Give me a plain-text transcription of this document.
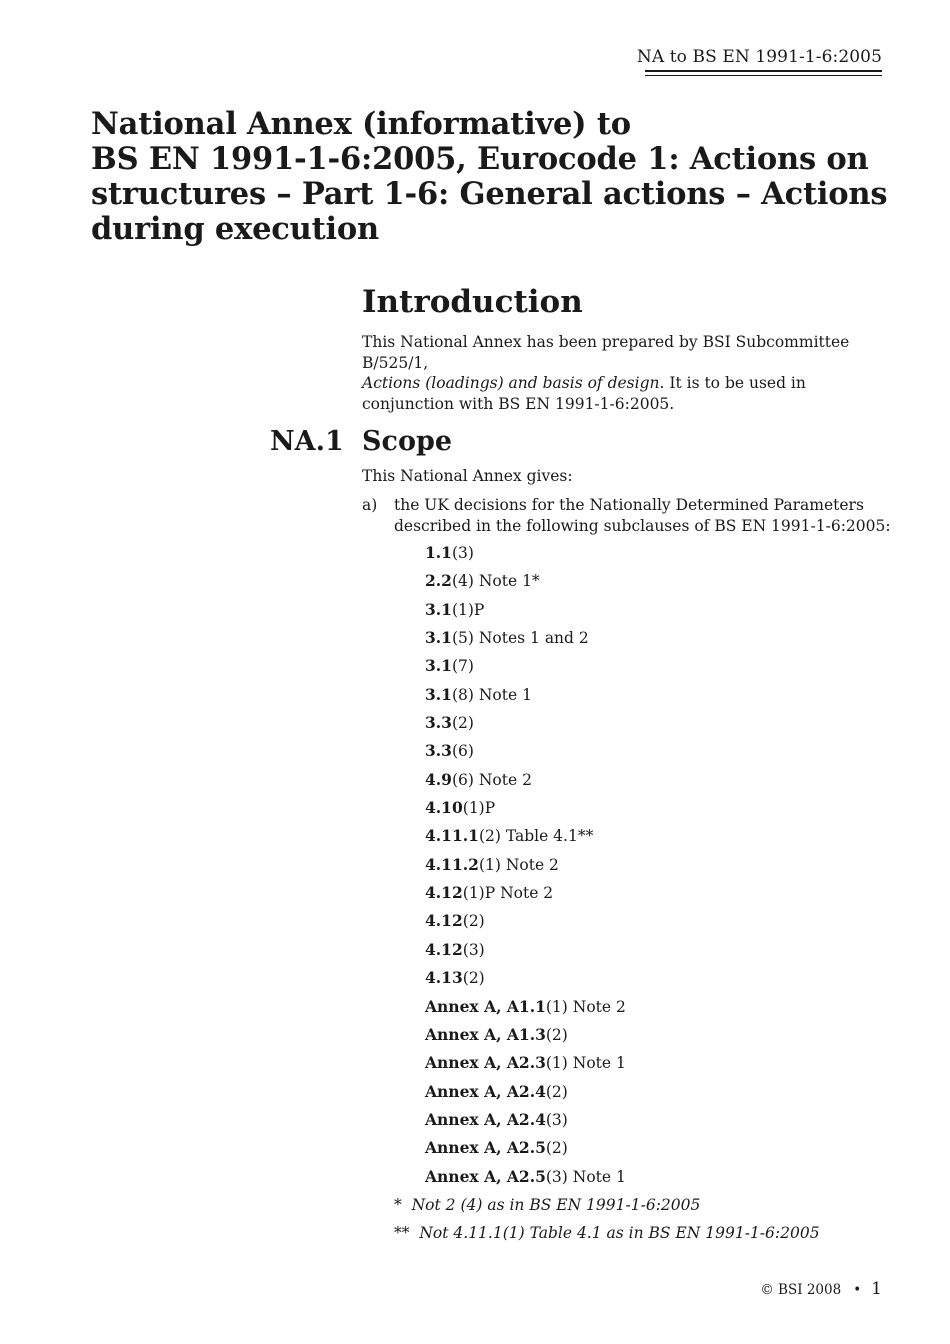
NA to BS EN 1991-1-6:2005
National Annex (informative) to
BS EN 1991-1-6:2005, Eurocode 1: Actions on
structures – Part 1-6: General actions – Actions
during execution
Introduction

This National Annex has been prepared by BSI Subcommittee B/525/1,
Actions (loadings) and basis of design. It is to be used in conjunction with BS EN 1991-1-6:2005.

NA.1 Scope

This National Annex gives:

a) the UK decisions for the Nationally Determined Parameters described in the following subclauses of BS EN 1991-1-6:2005:

1.1(3)
2.2(4) Note 1*
3.1(1)P
3.1(5) Notes 1 and 2
3.1(7)
3.1(8) Note 1
3.3(2)
3.3(6)
4.9(6) Note 2
4.10(1)P
4.11.1(2) Table 4.1**
4.11.2(1) Note 2
4.12(1)P Note 2
4.12(2)
4.12(3)
4.13(2)
Annex A, A1.1(1) Note 2
Annex A, A1.3(2)
Annex A, A2.3(1) Note 1
Annex A, A2.4(2)
Annex A, A2.4(3)
Annex A, A2.5(2)
Annex A, A2.5(3) Note 1
* Not 2 (4) as in BS EN 1991-1-6:2005
** Not 4.11.1(1) Table 4.1 as in BS EN 1991-1-6:2005
© BSI 2008 • 1
